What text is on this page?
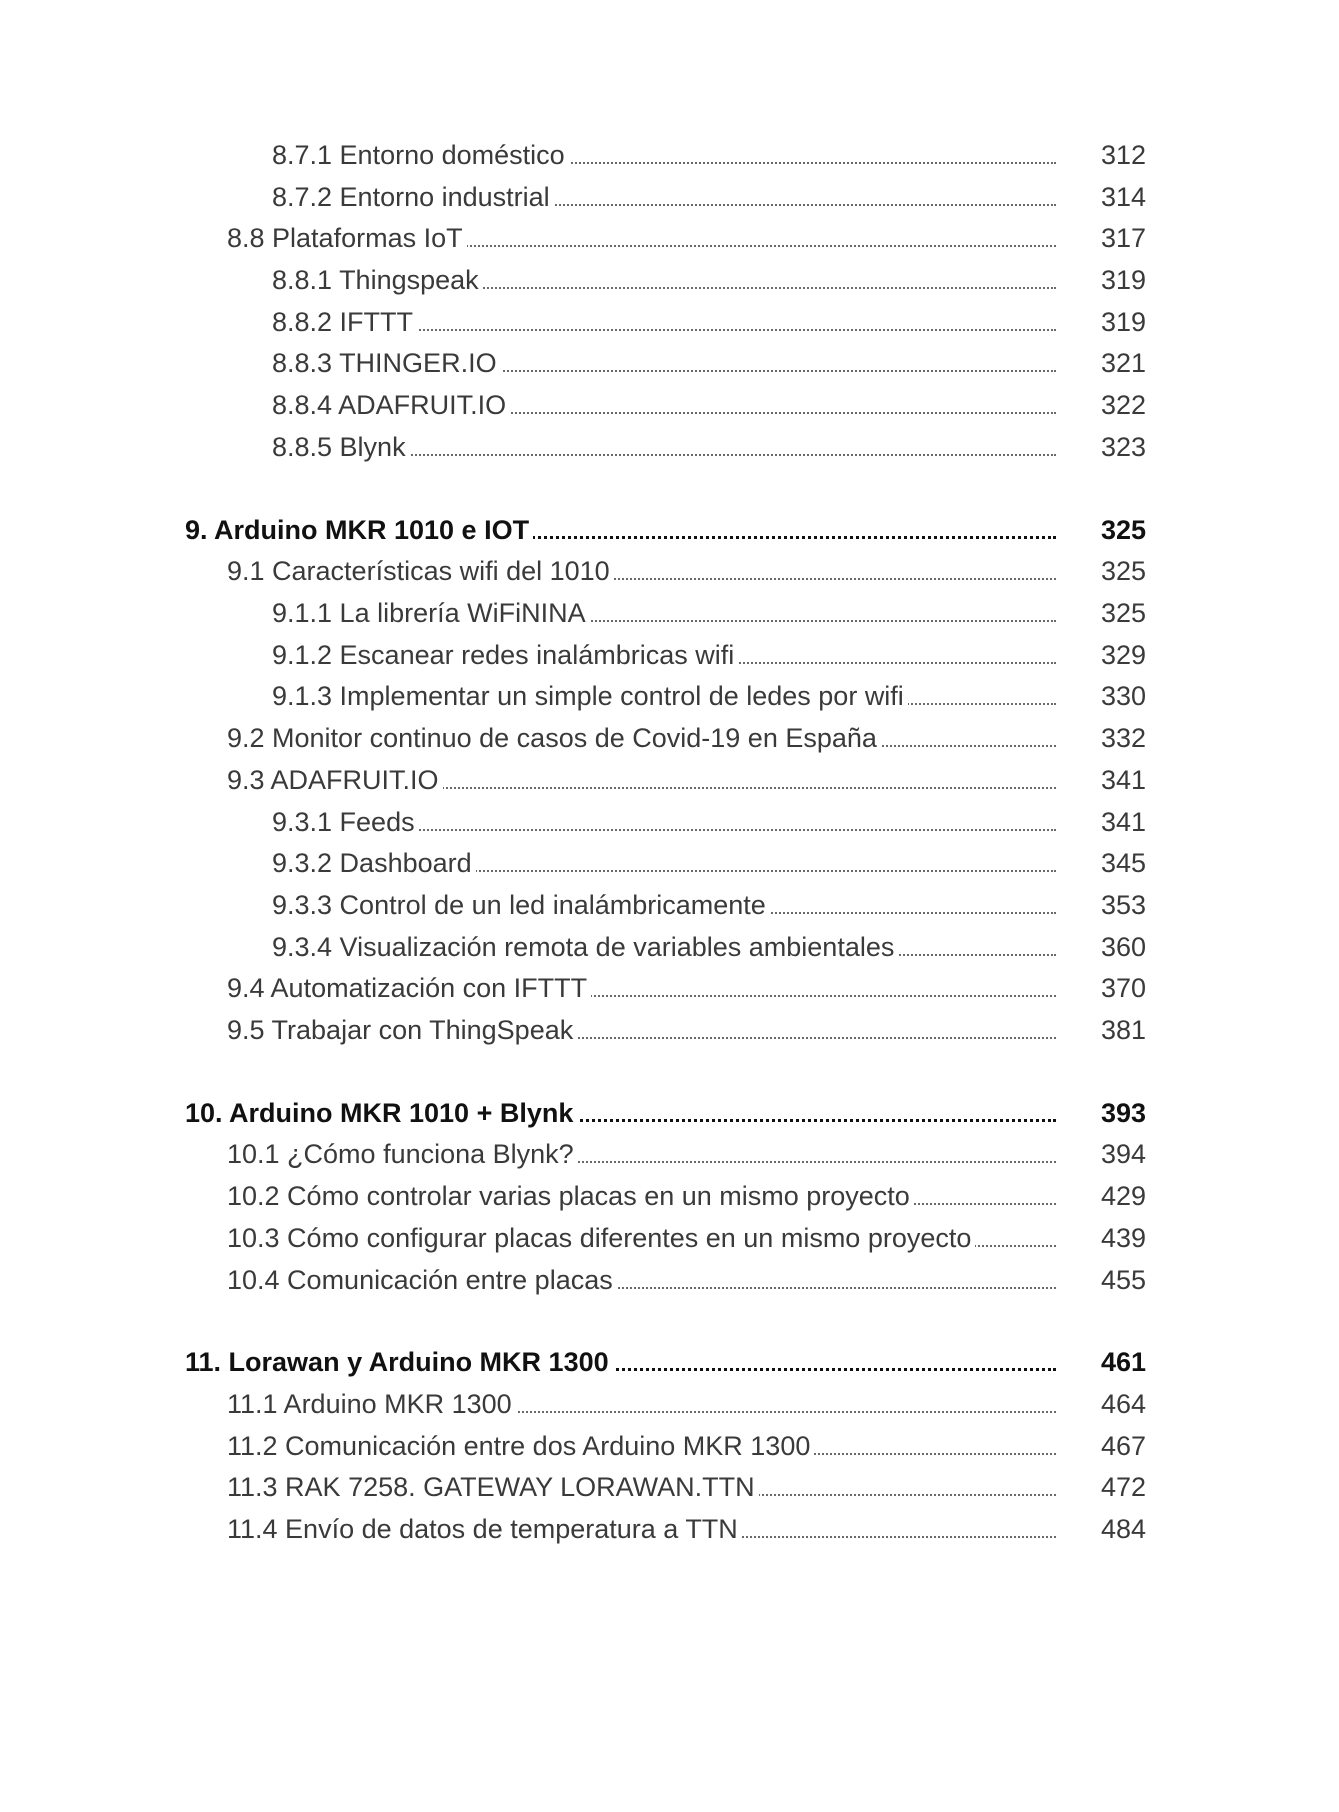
8.7.1 Entorno doméstico	312
8.7.2 Entorno industrial	314
8.8 Plataformas IoT	317
8.8.1 Thingspeak	319
8.8.2 IFTTT	319
8.8.3 THINGER.IO	321
8.8.4 ADAFRUIT.IO	322
8.8.5 Blynk	323
9. Arduino MKR 1010 e IOT	325
9.1 Características wifi del 1010	325
9.1.1 La librería WiFiNINA	325
9.1.2 Escanear redes inalámbricas wifi	329
9.1.3 Implementar un simple control de ledes por wifi	330
9.2 Monitor continuo de casos de Covid-19 en España	332
9.3 ADAFRUIT.IO	341
9.3.1 Feeds	341
9.3.2 Dashboard	345
9.3.3 Control de un led inalámbricamente	353
9.3.4 Visualización remota de variables ambientales	360
9.4 Automatización con IFTTT	370
9.5 Trabajar con ThingSpeak	381
10. Arduino MKR 1010 + Blynk	393
10.1 ¿Cómo funciona Blynk?	394
10.2 Cómo controlar varias placas en un mismo proyecto	429
10.3 Cómo configurar placas diferentes en un mismo proyecto	439
10.4 Comunicación entre placas	455
11. Lorawan y Arduino MKR 1300	461
11.1 Arduino MKR 1300	464
11.2 Comunicación entre dos Arduino MKR 1300	467
11.3 RAK 7258. GATEWAY LORAWAN.TTN	472
11.4 Envío de datos de temperatura a TTN	484
